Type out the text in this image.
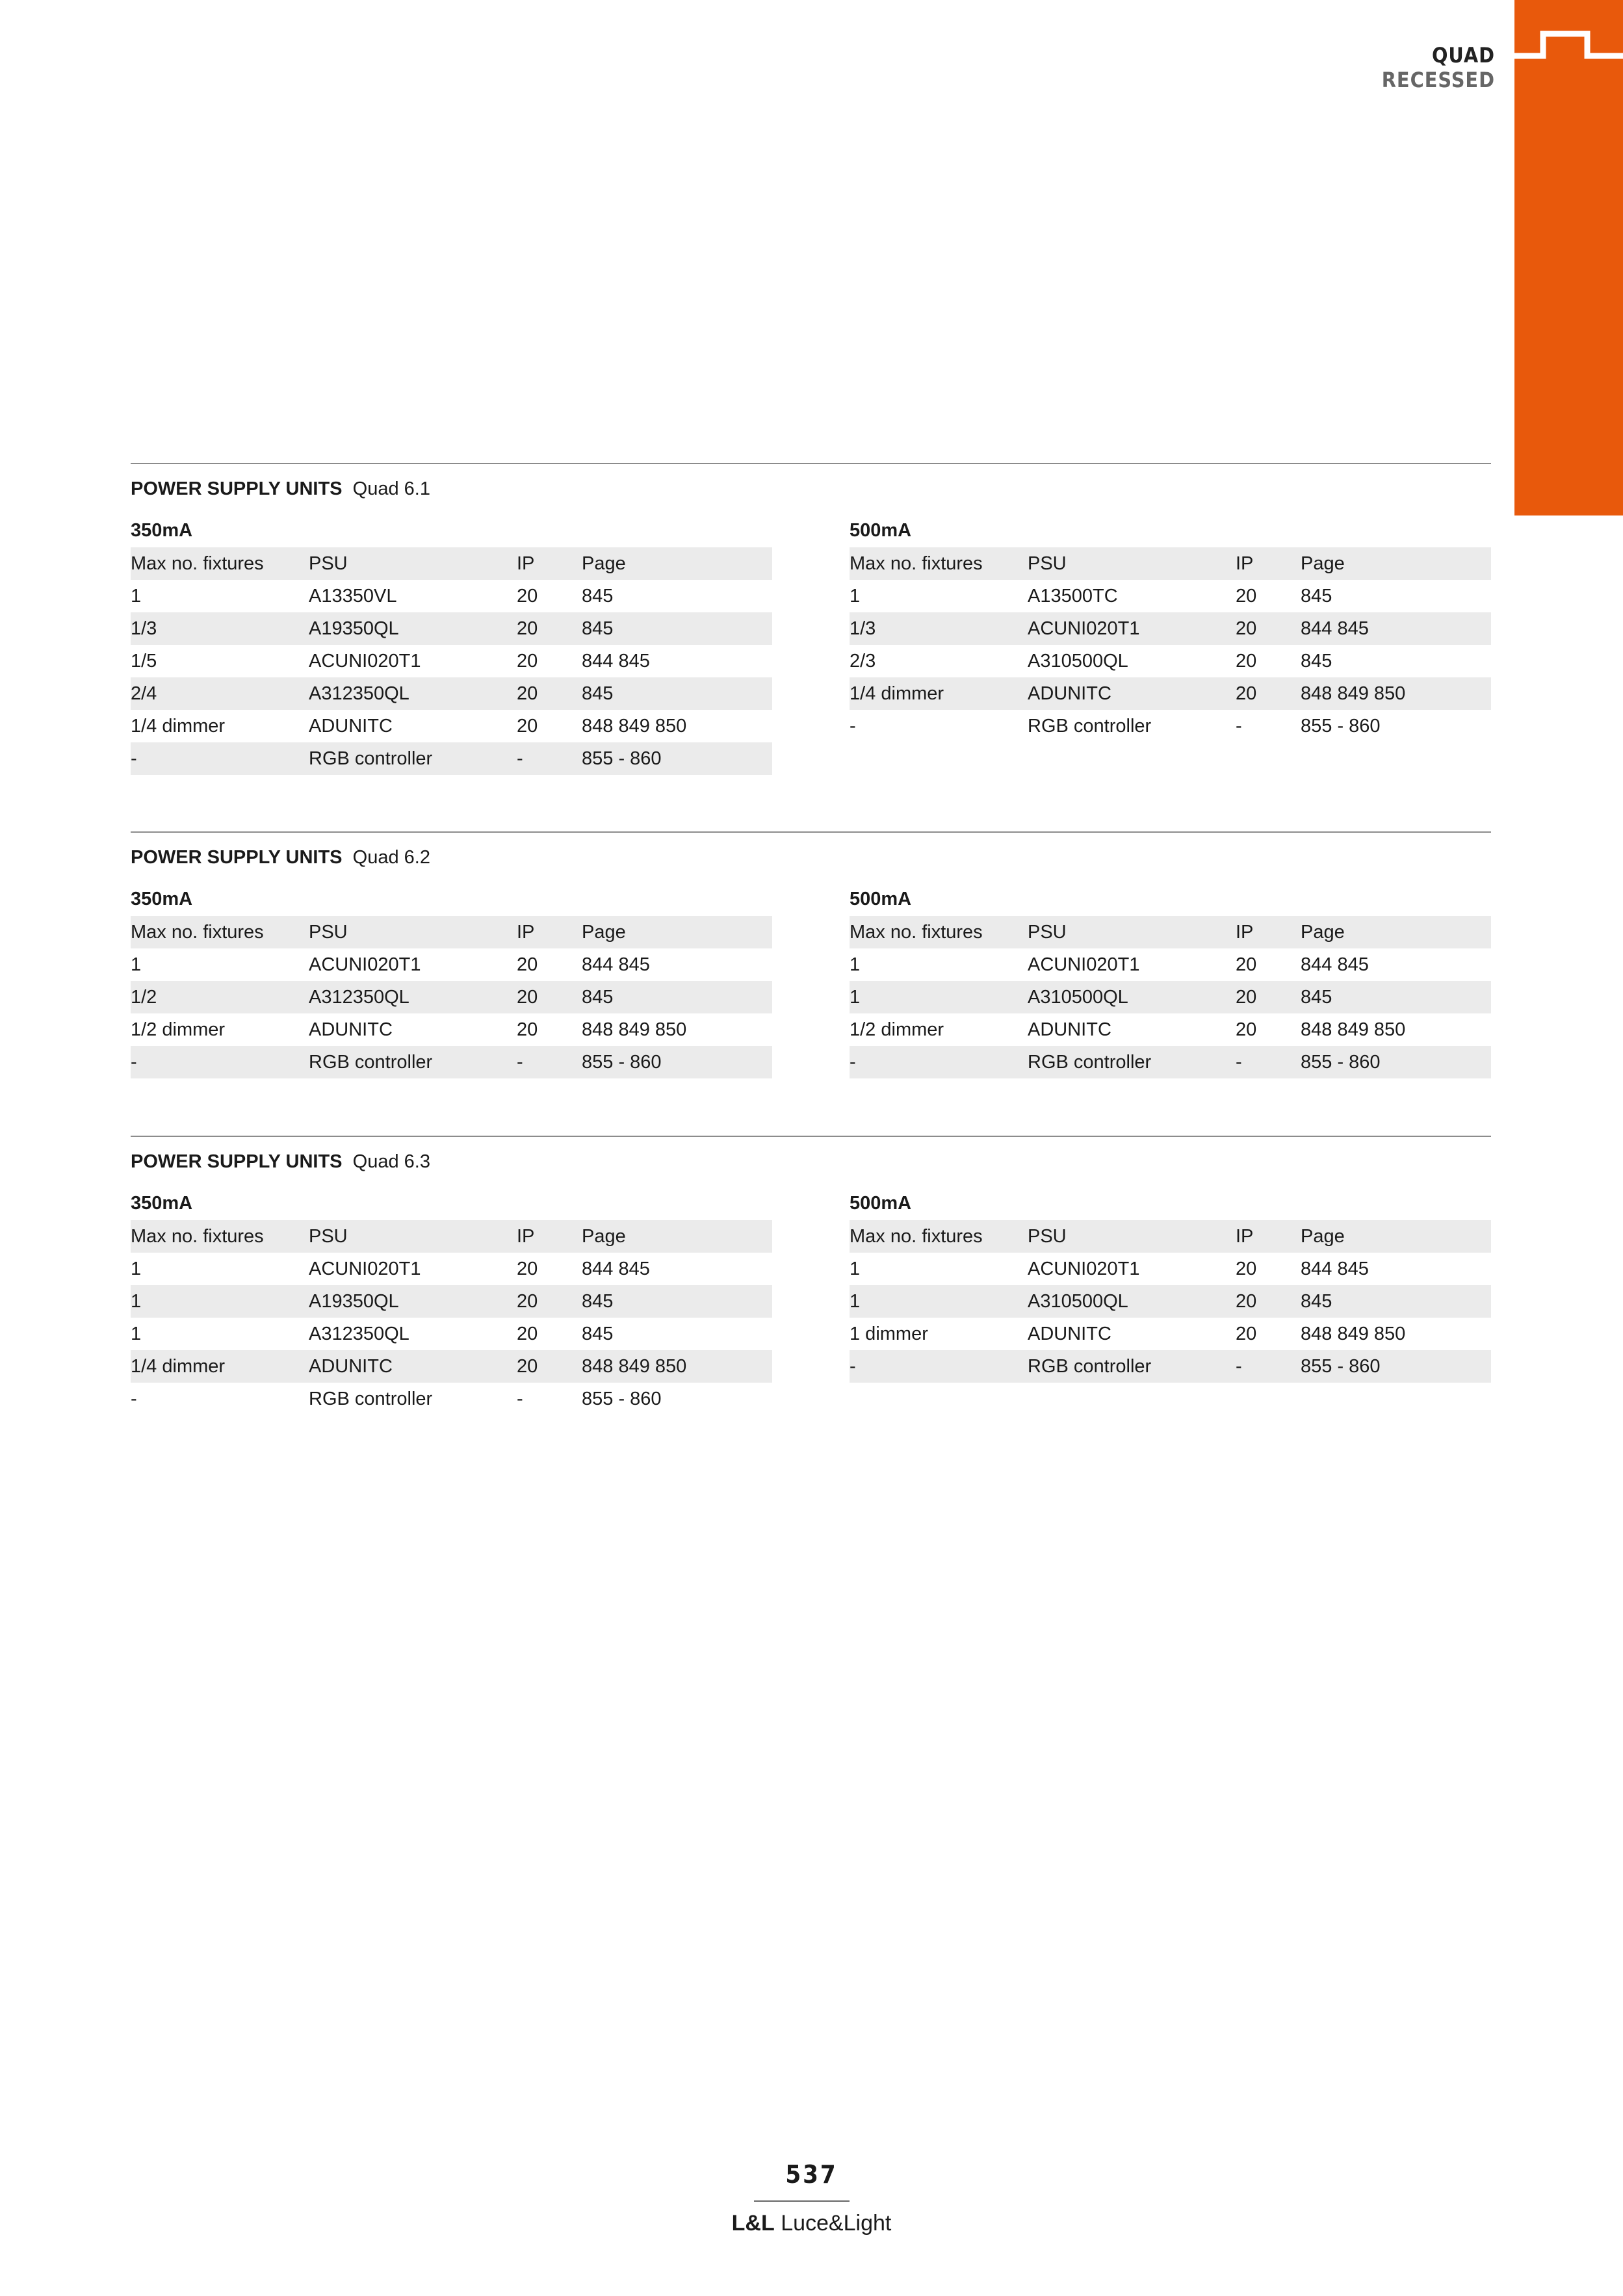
QUAD
RECESSED
POWER SUPPLY UNITS Quad 6.1
350mA
Max no. fixtures	PSU	IP	Page
1	A13350VL	20	845
1/3	A19350QL	20	845
1/5	ACUNI020T1	20	844 845
2/4	A312350QL	20	845
1/4 dimmer	ADUNITC	20	848 849 850
-	RGB controller	-	855 - 860
500mA
Max no. fixtures	PSU	IP	Page
1	A13500TC	20	845
1/3	ACUNI020T1	20	844 845
2/3	A310500QL	20	845
1/4 dimmer	ADUNITC	20	848 849 850
-	RGB controller	-	855 - 860
POWER SUPPLY UNITS Quad 6.2
350mA
Max no. fixtures	PSU	IP	Page
1	ACUNI020T1	20	844 845
1/2	A312350QL	20	845
1/2 dimmer	ADUNITC	20	848 849 850
-	RGB controller	-	855 - 860
500mA
Max no. fixtures	PSU	IP	Page
1	ACUNI020T1	20	844 845
1	A310500QL	20	845
1/2 dimmer	ADUNITC	20	848 849 850
-	RGB controller	-	855 - 860
POWER SUPPLY UNITS Quad 6.3
350mA
Max no. fixtures	PSU	IP	Page
1	ACUNI020T1	20	844 845
1	A19350QL	20	845
1	A312350QL	20	845
1/4 dimmer	ADUNITC	20	848 849 850
-	RGB controller	-	855 - 860
500mA
Max no. fixtures	PSU	IP	Page
1	ACUNI020T1	20	844 845
1	A310500QL	20	845
1 dimmer	ADUNITC	20	848 849 850
-	RGB controller	-	855 - 860
537
L&L Luce&Light
